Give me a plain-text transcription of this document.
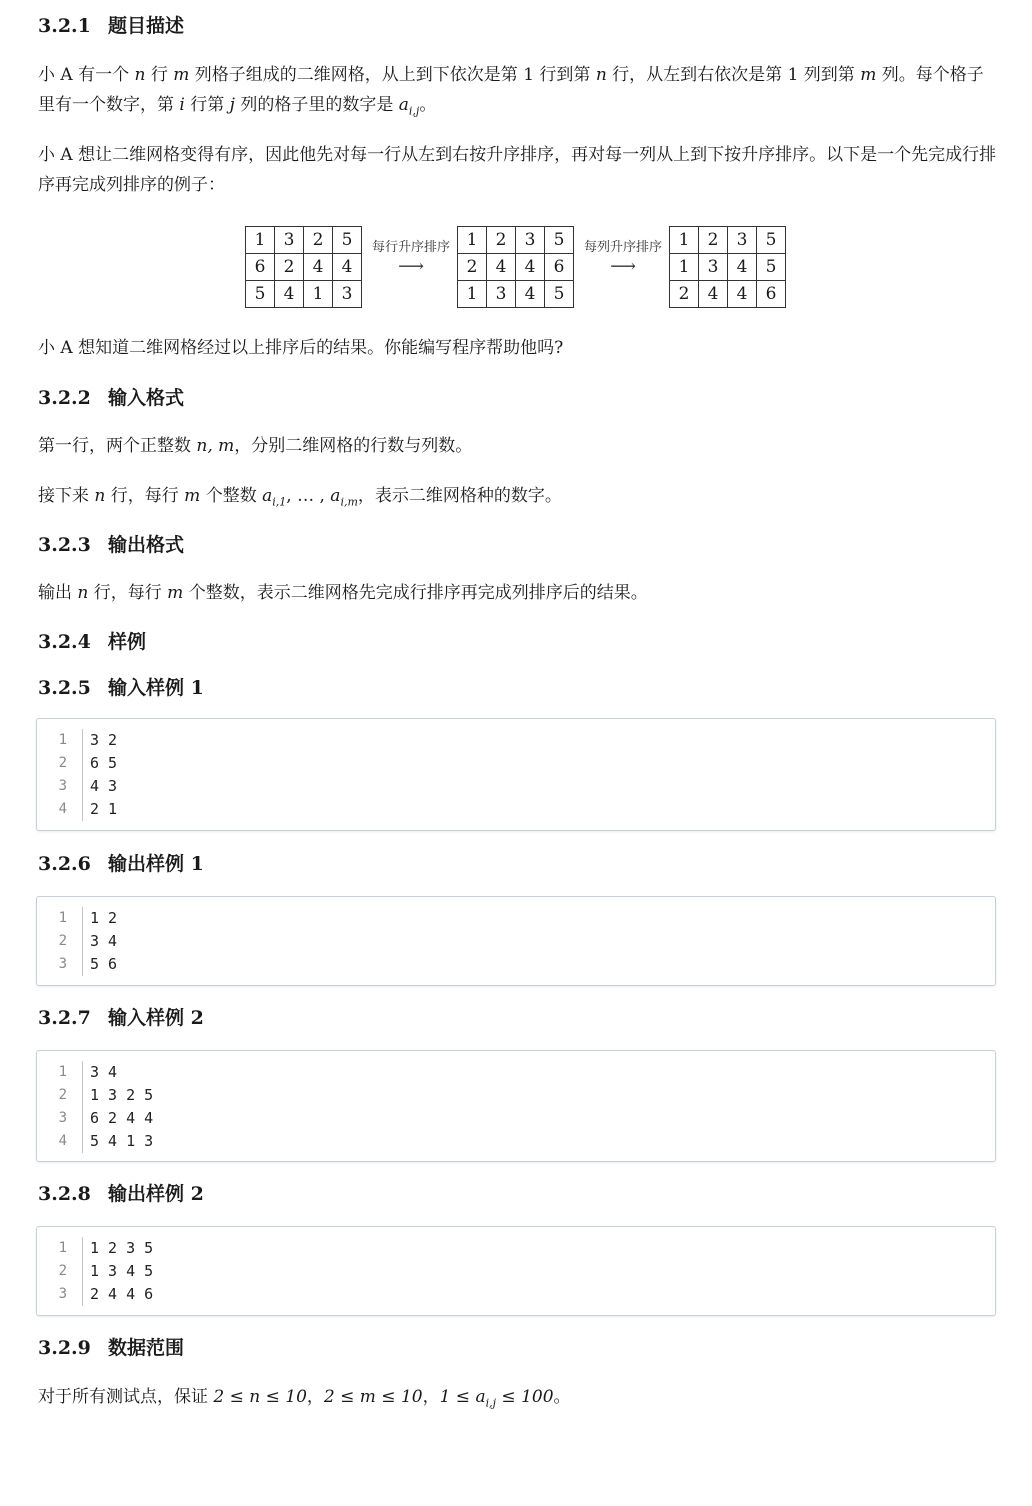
3.2.1 题目描述

小 A 有一个 n 行 m 列格子组成的二维网格，从上到下依次是第 1 行到第 n 行，从左到右依次是第 1 列到第 m 列。每个格子里有一个数字，第 i 行第 j 列的格子里的数字是 $a_{i,j}$。

小 A 想让二维网格变得有序，因此他先对每一行从左到右按升序排序，再对每一列从上到下按升序排序。以下是一个先完成行排序再完成列排序的例子：

1	3	2	5
6	2	4	4
5	4	1	3
每行升序排序
⟶
1	2	3	5
2	4	4	6
1	3	4	5
每列升序排序
⟶
1	2	3	5
1	3	4	5
2	4	4	6

小 A 想知道二维网格经过以上排序后的结果。你能编写程序帮助他吗?

3.2.2 输入格式

第一行，两个正整数 n, m，分别二维网格的行数与列数。

接下来 n 行，每行 m 个整数 $a_{i,1}$, … , $a_{i,m}$，表示二维网格种的数字。

3.2.3 输出格式

输出 n 行，每行 m 个整数，表示二维网格先完成行排序再完成列排序后的结果。

3.2.4 样例
3.2.5 输入样例 1
1 3 2
2 6 5
3 4 3
4 2 1
3.2.6 输出样例 1
1 1 2
2 3 4
3 5 6
3.2.7 输入样例 2
1 3 4
2 1 3 2 5
3 6 2 4 4
4 5 4 1 3
3.2.8 输出样例 2
1 1 2 3 5
2 1 3 4 5
3 2 4 4 6
3.2.9 数据范围

对于所有测试点，保证 2 ≤ n ≤ 10，2 ≤ m ≤ 10，$1 \le a_{i,j} \le 100$。
